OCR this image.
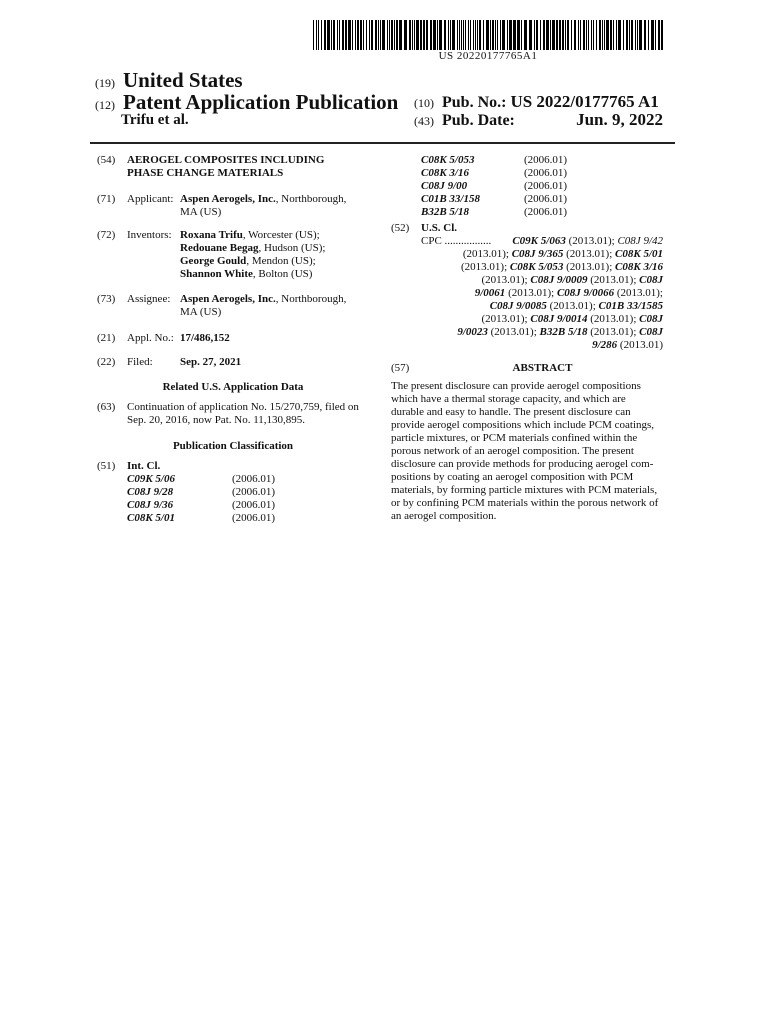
US 20220177765A1
(19) United States
(12) Patent Application Publication
Trifu et al.
(10) Pub. No.: US 2022/0177765 A1
(43) Pub. Date:	Jun. 9, 2022
(54) AEROGEL COMPOSITES INCLUDING
PHASE CHANGE MATERIALS
(71) Applicant: Aspen Aerogels, Inc., Northborough,
MA (US)
(72) Inventors: Roxana Trifu, Worcester (US);
Redouane Begag, Hudson (US);
George Gould, Mendon (US);
Shannon White, Bolton (US)
(73) Assignee: Aspen Aerogels, Inc., Northborough,
MA (US)
(21) Appl. No.: 17/486,152
(22) Filed: Sep. 27, 2021
Related U.S. Application Data
(63) Continuation of application No. 15/270,759, filed on
Sep. 20, 2016, now Pat. No. 11,130,895.
Publication Classification
(51) Int. Cl.
C09K 5/06	(2006.01)
C08J 9/28	(2006.01)
C08J 9/36	(2006.01)
C08K 5/01	(2006.01)
C08K 5/053	(2006.01)
C08K 3/16	(2006.01)
C08J 9/00	(2006.01)
C01B 33/158	(2006.01)
B32B 5/18	(2006.01)
(52) U.S. Cl.
CPC ................. C09K 5/063 (2013.01); C08J 9/42
(2013.01); C08J 9/365 (2013.01); C08K 5/01
(2013.01); C08K 5/053 (2013.01); C08K 3/16
(2013.01); C08J 9/0009 (2013.01); C08J
9/0061 (2013.01); C08J 9/0066 (2013.01);
C08J 9/0085 (2013.01); C01B 33/1585
(2013.01); C08J 9/0014 (2013.01); C08J
9/0023 (2013.01); B32B 5/18 (2013.01); C08J
9/286 (2013.01)
(57)	ABSTRACT
The present disclosure can provide aerogel compositions
which have a thermal storage capacity, and which are
durable and easy to handle. The present disclosure can
provide aerogel compositions which include PCM coatings,
particle mixtures, or PCM materials confined within the
porous network of an aerogel composition. The present
disclosure can provide methods for producing aerogel com-
positions by coating an aerogel composition with PCM
materials, by forming particle mixtures with PCM materials,
or by confining PCM materials within the porous network of
an aerogel composition.
